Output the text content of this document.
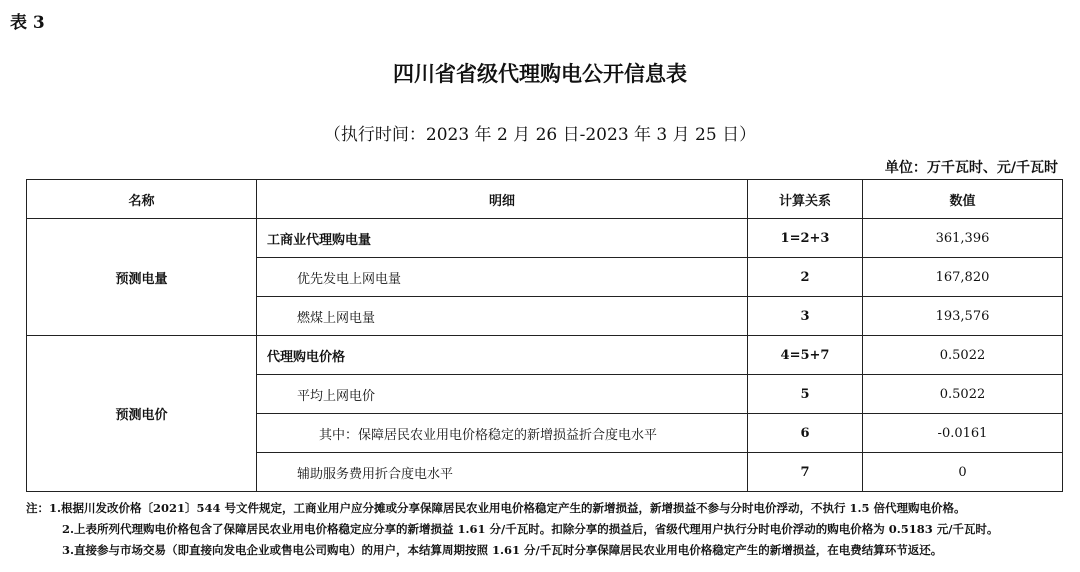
表 3
四川省省级代理购电公开信息表
（执行时间：2023 年 2 月 26 日-2023 年 3 月 25 日）
单位：万千瓦时、元/千瓦时
名称	明细	计算关系	数值
预测电量	工商业代理购电量	1=2+3	361,396
	优先发电上网电量	2	167,820
	燃煤上网电量	3	193,576
预测电价	代理购电价格	4=5+7	0.5022
	平均上网电价	5	0.5022
	其中：保障居民农业用电价格稳定的新增损益折合度电水平	6	-0.0161
	辅助服务费用折合度电水平	7	0
注：1.根据川发改价格〔2021〕544 号文件规定，工商业用户应分摊或分享保障居民农业用电价格稳定产生的新增损益，新增损益不参与分时电价浮动，不执行 1.5 倍代理购电价格。
2.上表所列代理购电价格包含了保障居民农业用电价格稳定应分享的新增损益 1.61 分/千瓦时。扣除分享的损益后，省级代理用户执行分时电价浮动的购电价格为 0.5183 元/千瓦时。
3.直接参与市场交易（即直接向发电企业或售电公司购电）的用户，本结算周期按照 1.61 分/千瓦时分享保障居民农业用电价格稳定产生的新增损益，在电费结算环节返还。
